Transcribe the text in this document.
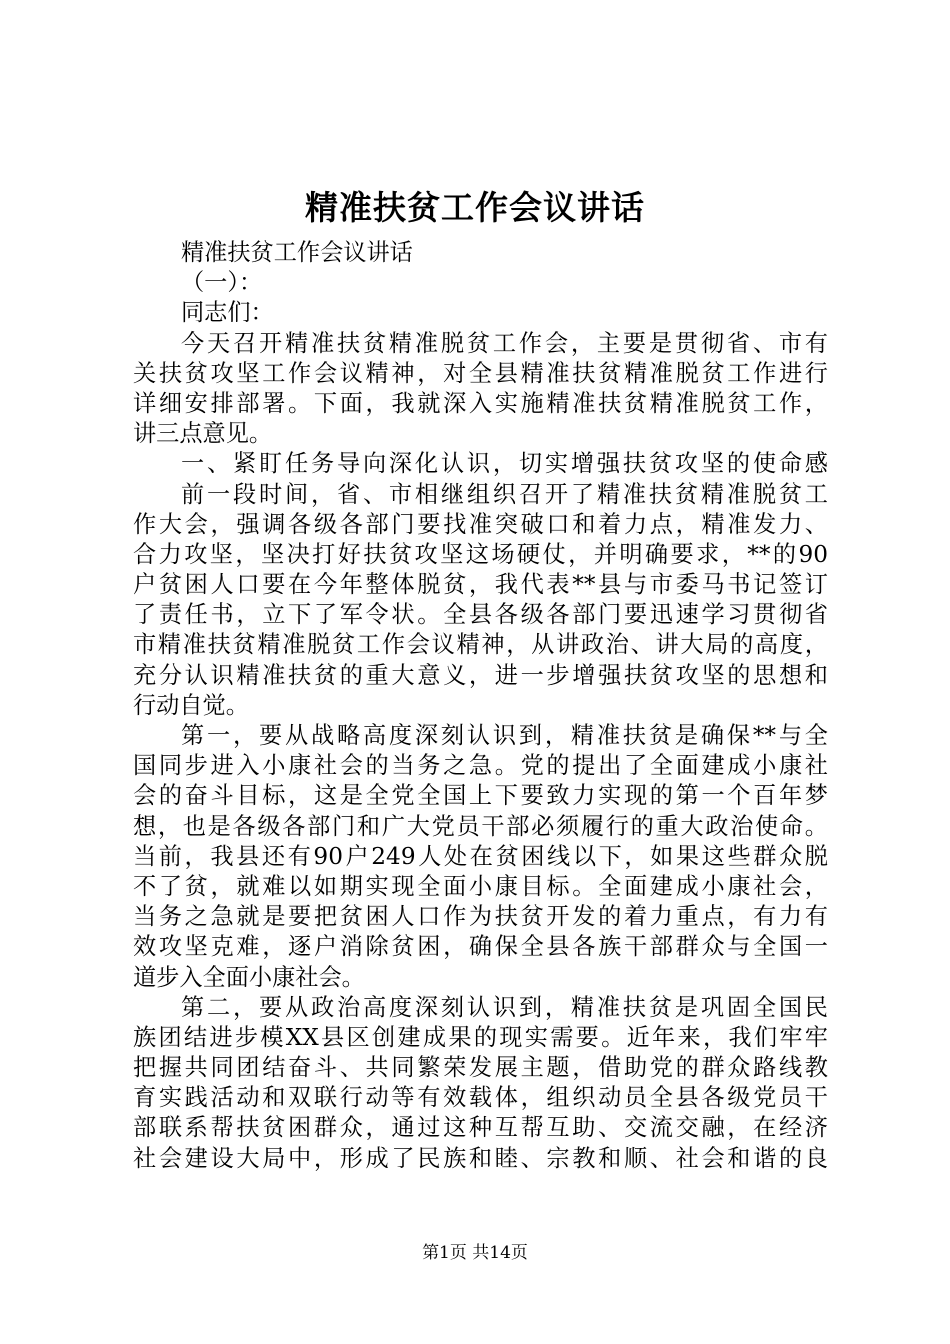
精准扶贫工作会议讲话
精准扶贫工作会议讲话
（一）：
同志们：
今天召开精准扶贫精准脱贫工作会，主要是贯彻省、市有
关扶贫攻坚工作会议精神，对全县精准扶贫精准脱贫工作进行
详细安排部署。下面，我就深入实施精准扶贫精准脱贫工作，
讲三点意见。
一、紧盯任务导向深化认识，切实增强扶贫攻坚的使命感
前一段时间，省、市相继组织召开了精准扶贫精准脱贫工
作大会，强调各级各部门要找准突破口和着力点，精准发力、
合力攻坚，坚决打好扶贫攻坚这场硬仗，并明确要求，**的90
户贫困人口要在今年整体脱贫，我代表**县与市委马书记签订
了责任书，立下了军令状。全县各级各部门要迅速学习贯彻省
市精准扶贫精准脱贫工作会议精神，从讲政治、讲大局的高度，
充分认识精准扶贫的重大意义，进一步增强扶贫攻坚的思想和
行动自觉。
第一，要从战略高度深刻认识到，精准扶贫是确保**与全
国同步进入小康社会的当务之急。党的提出了全面建成小康社
会的奋斗目标，这是全党全国上下要致力实现的第一个百年梦
想，也是各级各部门和广大党员干部必须履行的重大政治使命。
当前，我县还有90户249人处在贫困线以下，如果这些群众脱
不了贫，就难以如期实现全面小康目标。全面建成小康社会，
当务之急就是要把贫困人口作为扶贫开发的着力重点，有力有
效攻坚克难，逐户消除贫困，确保全县各族干部群众与全国一
道步入全面小康社会。
第二，要从政治高度深刻认识到，精准扶贫是巩固全国民
族团结进步模XX县区创建成果的现实需要。近年来，我们牢牢
把握共同团结奋斗、共同繁荣发展主题，借助党的群众路线教
育实践活动和双联行动等有效载体，组织动员全县各级党员干
部联系帮扶贫困群众，通过这种互帮互助、交流交融，在经济
社会建设大局中，形成了民族和睦、宗教和顺、社会和谐的良
第1页 共14页
